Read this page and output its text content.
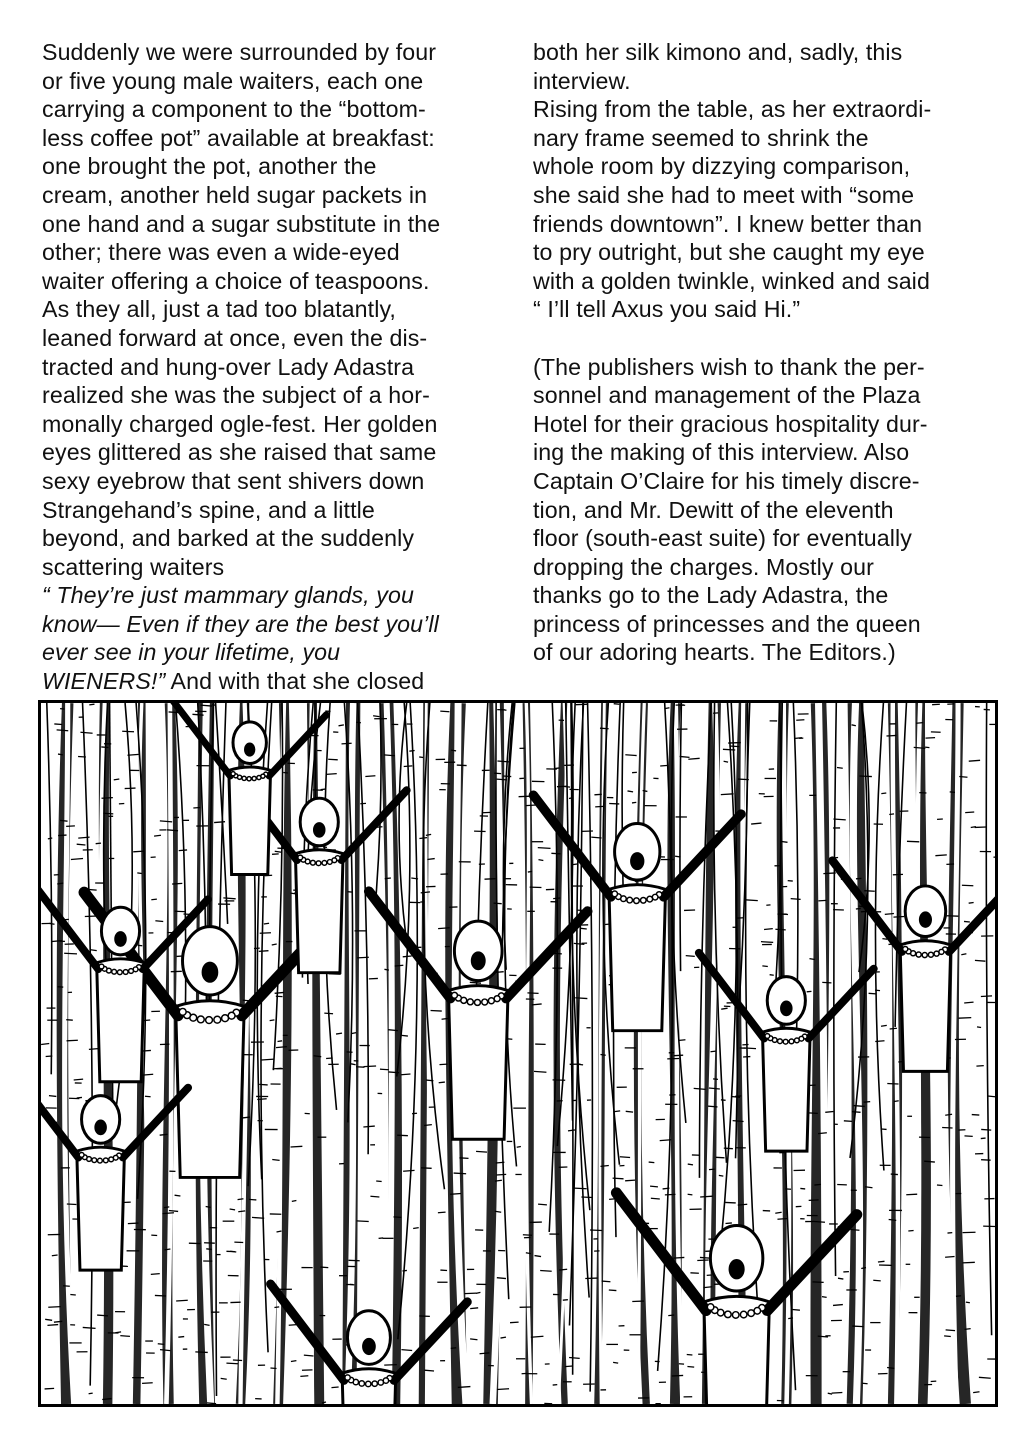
Suddenly we were surrounded by four
or five young male waiters, each one
carrying a component to the “bottom-
less coffee pot” available at breakfast:
one brought the pot, another the
cream, another held sugar packets in
one hand and a sugar substitute in the
other; there was even a wide-eyed
waiter offering a choice of teaspoons.
As they all, just a tad too blatantly,
leaned forward at once, even the dis-
tracted and hung-over Lady Adastra
realized she was the subject of a hor-
monally charged ogle-fest. Her golden
eyes glittered as she raised that same
sexy eyebrow that sent shivers down
Strangehand’s spine, and a little
beyond, and barked at the suddenly
scattering waiters
“ They’re just mammary glands, you
know— Even if they are the best you’ll
ever see in your lifetime, you
WIENERS!” And with that she closed
both her silk kimono and, sadly, this
interview.
Rising from the table, as her extraordi-
nary frame seemed to shrink the
whole room by dizzying comparison,
she said she had to meet with “some
friends downtown”. I knew better than
to pry outright, but she caught my eye
with a golden twinkle, winked and said
“ I’ll tell Axus you said Hi.”
(The publishers wish to thank the per-
sonnel and management of the Plaza
Hotel for their gracious hospitality dur-
ing the making of this interview. Also
Captain O’Claire for his timely discre-
tion, and Mr. Dewitt of the eleventh
floor (south-east suite) for eventually
dropping the charges. Mostly our
thanks go to the Lady Adastra, the
princess of princesses and the queen
of our adoring hearts. The Editors.)
